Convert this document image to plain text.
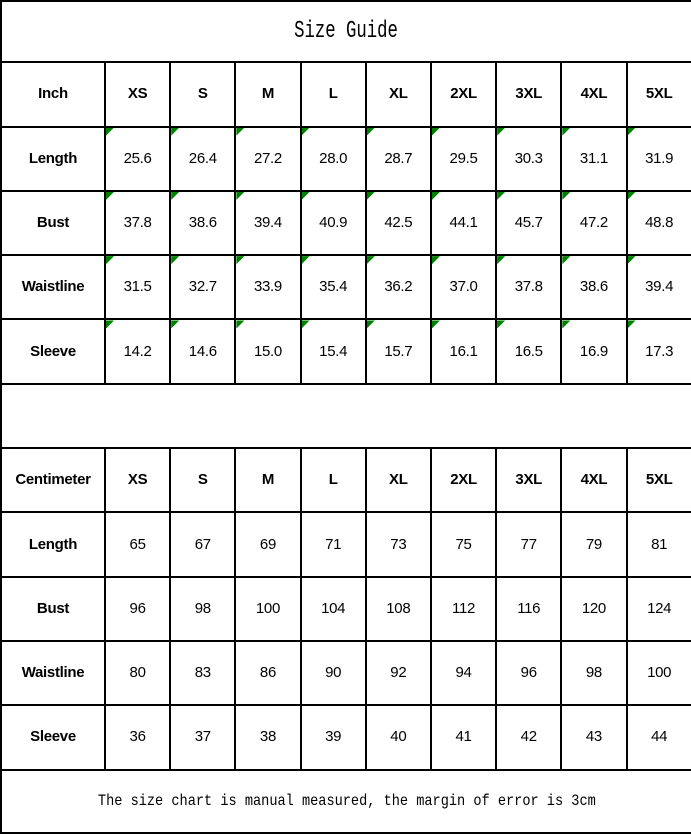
Size Guide									
Inch	XS	S	M	L	XL	2XL	3XL	4XL	5XL
Length	25.6	26.4	27.2	28.0	28.7	29.5	30.3	31.1	31.9
Bust	37.8	38.6	39.4	40.9	42.5	44.1	45.7	47.2	48.8
Waistline	31.5	32.7	33.9	35.4	36.2	37.0	37.8	38.6	39.4
Sleeve	14.2	14.6	15.0	15.4	15.7	16.1	16.5	16.9	17.3

Centimeter	XS	S	M	L	XL	2XL	3XL	4XL	5XL
Length	65	67	69	71	73	75	77	79	81
Bust	96	98	100	104	108	112	116	120	124
Waistline	80	83	86	90	92	94	96	98	100
Sleeve	36	37	38	39	40	41	42	43	44
The size chart is manual measured, the margin of error is 3cm									
